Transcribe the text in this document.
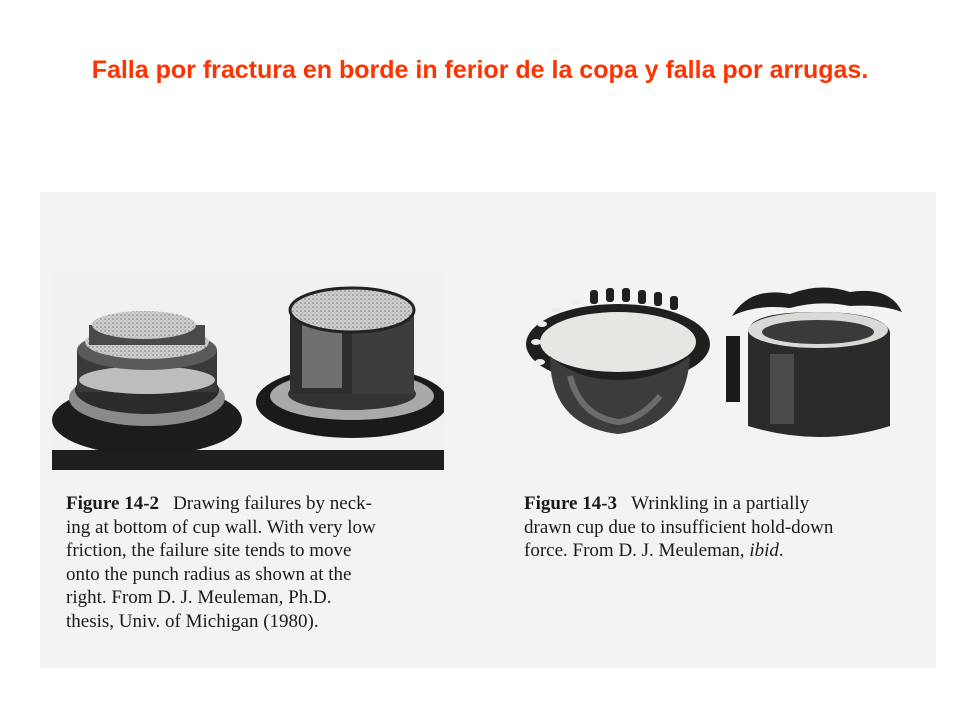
Falla por fractura en borde in ferior de la copa y falla por arrugas.
Figure 14-2 Drawing failures by neck-
ing at bottom of cup wall. With very low
friction, the failure site tends to move
onto the punch radius as shown at the
right. From D. J. Meuleman, Ph.D.
thesis, Univ. of Michigan (1980).
Figure 14-3 Wrinkling in a partially
drawn cup due to insufficient hold-down
force. From D. J. Meuleman, ibid.
